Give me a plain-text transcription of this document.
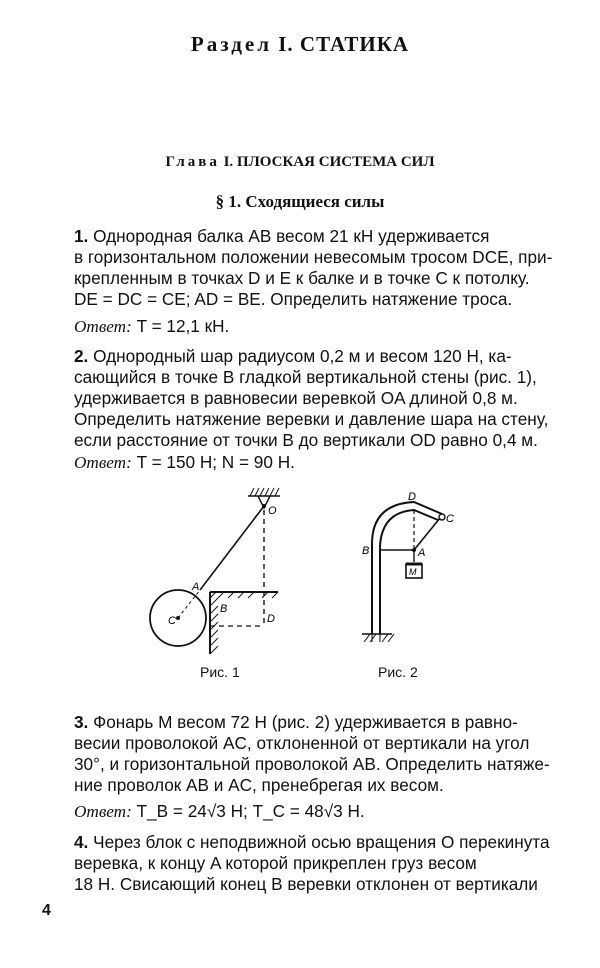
Раздел I. СТАТИКА
Глава I. ПЛОСКАЯ СИСТЕМА СИЛ
§ 1. Сходящиеся силы
1. Однородная балка AB весом 21 кН удерживается
в горизонтальном положении невесомым тросом DCE, при-
крепленным в точках D и E к балке и в точке C к потолку.
DE = DC = CE; AD = BE. Определить натяжение троса.
Ответ: T = 12,1 кН.
2. Однородный шар радиусом 0,2 м и весом 120 Н, ка-
сающийся в точке B гладкой вертикальной стены (рис. 1),
удерживается в равновесии веревкой OA длиной 0,8 м.
Определить натяжение веревки и давление шара на стену,
если расстояние от точки B до вертикали OD равно 0,4 м.
Ответ: T = 150 Н; N = 90 Н.
O
A
C
B
D
Рис. 1
D
C
B	A
M
Рис. 2
3. Фонарь M весом 72 Н (рис. 2) удерживается в равно-
весии проволокой AC, отклоненной от вертикали на угол
30°, и горизонтальной проволокой AB. Определить натяже-
ние проволок AB и AC, пренебрегая их весом.
Ответ: T_B = 24√3 Н; T_C = 48√3 Н.
4. Через блок с неподвижной осью вращения O перекинута
веревка, к концу A которой прикреплен груз весом
18 Н. Свисающий конец B веревки отклонен от вертикали
4
